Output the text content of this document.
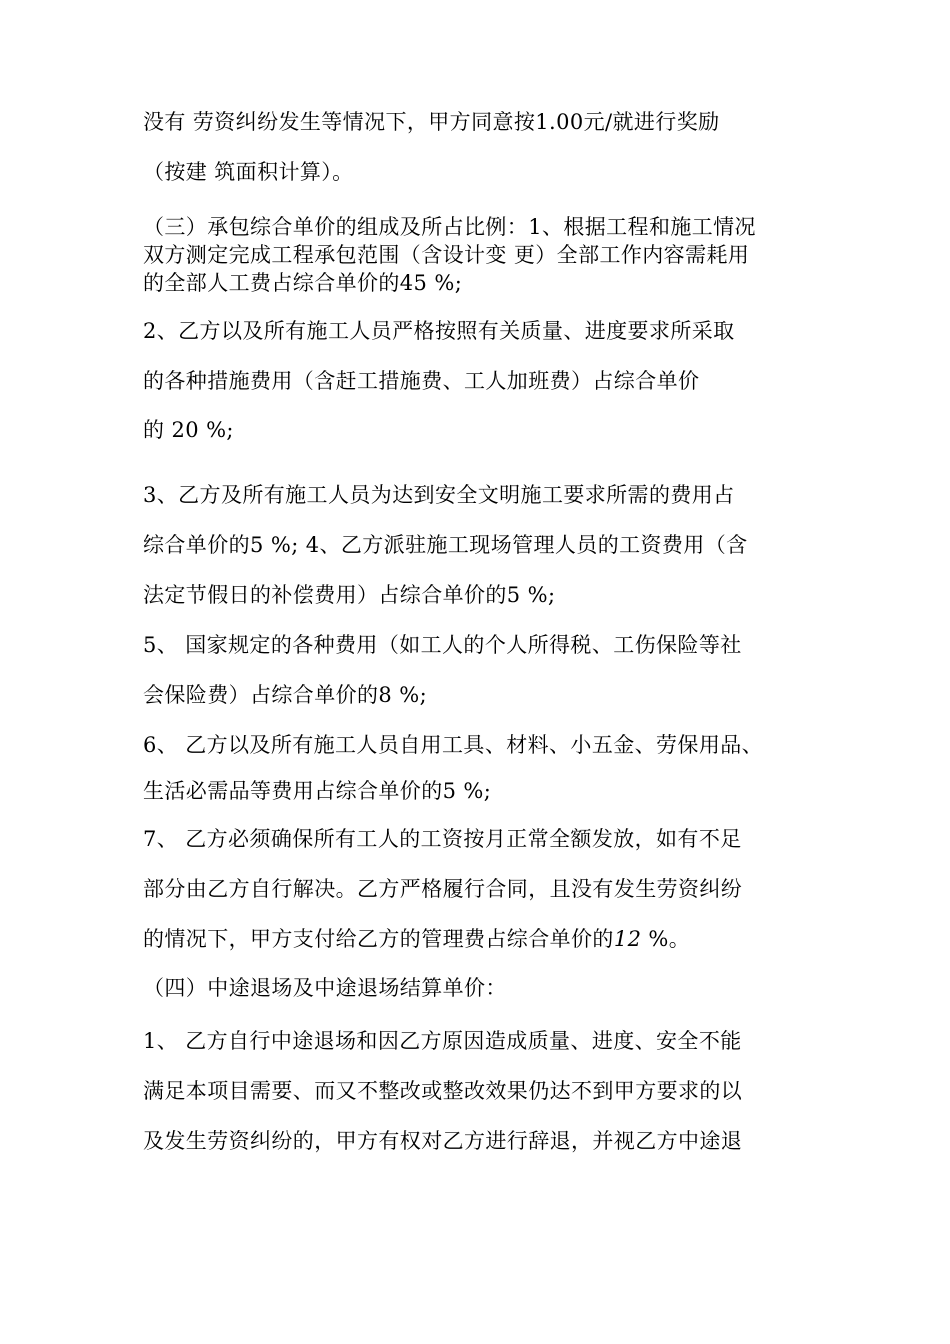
没有 劳资纠纷发生等情况下，甲方同意按1.00元/就进行奖励
（按建 筑面积计算）。
（三）承包综合单价的组成及所占比例：1、根据工程和施工情况
双方测定完成工程承包范围（含设计变 更）全部工作内容需耗用
的全部人工费占综合单价的45 %;
2、乙方以及所有施工人员严格按照有关质量、进度要求所采取
的各种措施费用（含赶工措施费、工人加班费）占综合单价
的 20 %;
3、乙方及所有施工人员为达到安全文明施工要求所需的费用占
综合单价的5 %; 4、乙方派驻施工现场管理人员的工资费用（含
法定节假日的补偿费用）占综合单价的5 %;
5、 国家规定的各种费用（如工人的个人所得税、工伤保险等社
会保险费）占综合单价的8 %;
6、 乙方以及所有施工人员自用工具、材料、小五金、劳保用品、
生活必需品等费用占综合单价的5 %;
7、 乙方必须确保所有工人的工资按月正常全额发放，如有不足
部分由乙方自行解决。乙方严格履行合同，且没有发生劳资纠纷
的情况下，甲方支付给乙方的管理费占综合单价的12 %。
（四）中途退场及中途退场结算单价：
1、 乙方自行中途退场和因乙方原因造成质量、进度、安全不能
满足本项目需要、而又不整改或整改效果仍达不到甲方要求的以
及发生劳资纠纷的，甲方有权对乙方进行辞退，并视乙方中途退
